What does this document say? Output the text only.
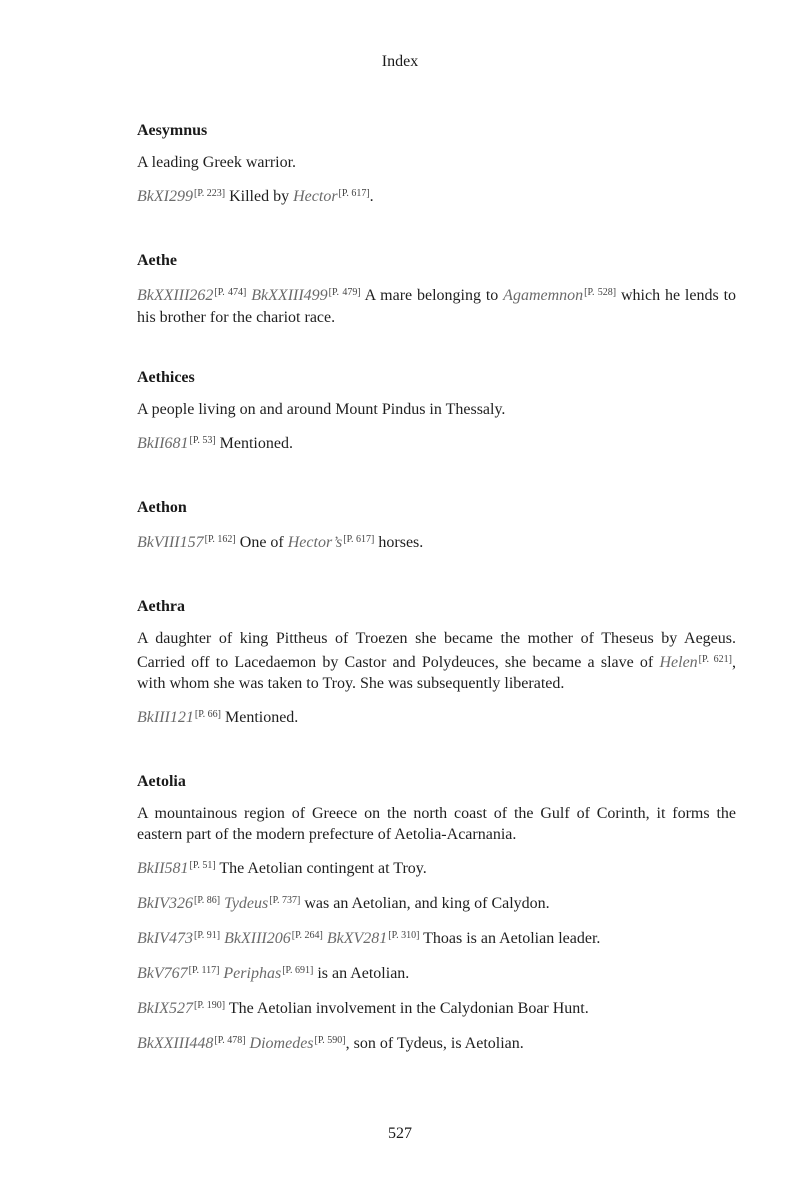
Index
Aesymnus
A leading Greek warrior.
BkXI299[P. 223] Killed by Hector[P. 617].
Aethe
BkXXIII262[P. 474] BkXXIII499[P. 479] A mare belonging to Agamemnon[P. 528] which he lends to his brother for the chariot race.
Aethices
A people living on and around Mount Pindus in Thessaly.
BkII681[P. 53] Mentioned.
Aethon
BkVIII157[P. 162] One of Hector’s[P. 617] horses.
Aethra
A daughter of king Pittheus of Troezen she became the mother of Theseus by Aegeus. Carried off to Lacedaemon by Castor and Polydeuces, she became a slave of Helen[P. 621], with whom she was taken to Troy. She was subsequently liberated.
BkIII121[P. 66] Mentioned.
Aetolia
A mountainous region of Greece on the north coast of the Gulf of Corinth, it forms the eastern part of the modern prefecture of Aetolia-Acarnania.
BkII581[P. 51] The Aetolian contingent at Troy.
BkIV326[P. 86] Tydeus[P. 737] was an Aetolian, and king of Calydon.
BkIV473[P. 91] BkXIII206[P. 264] BkXV281[P. 310] Thoas is an Aetolian leader.
BkV767[P. 117] Periphas[P. 691] is an Aetolian.
BkIX527[P. 190] The Aetolian involvement in the Calydonian Boar Hunt.
BkXXIII448[P. 478] Diomedes[P. 590], son of Tydeus, is Aetolian.
527
